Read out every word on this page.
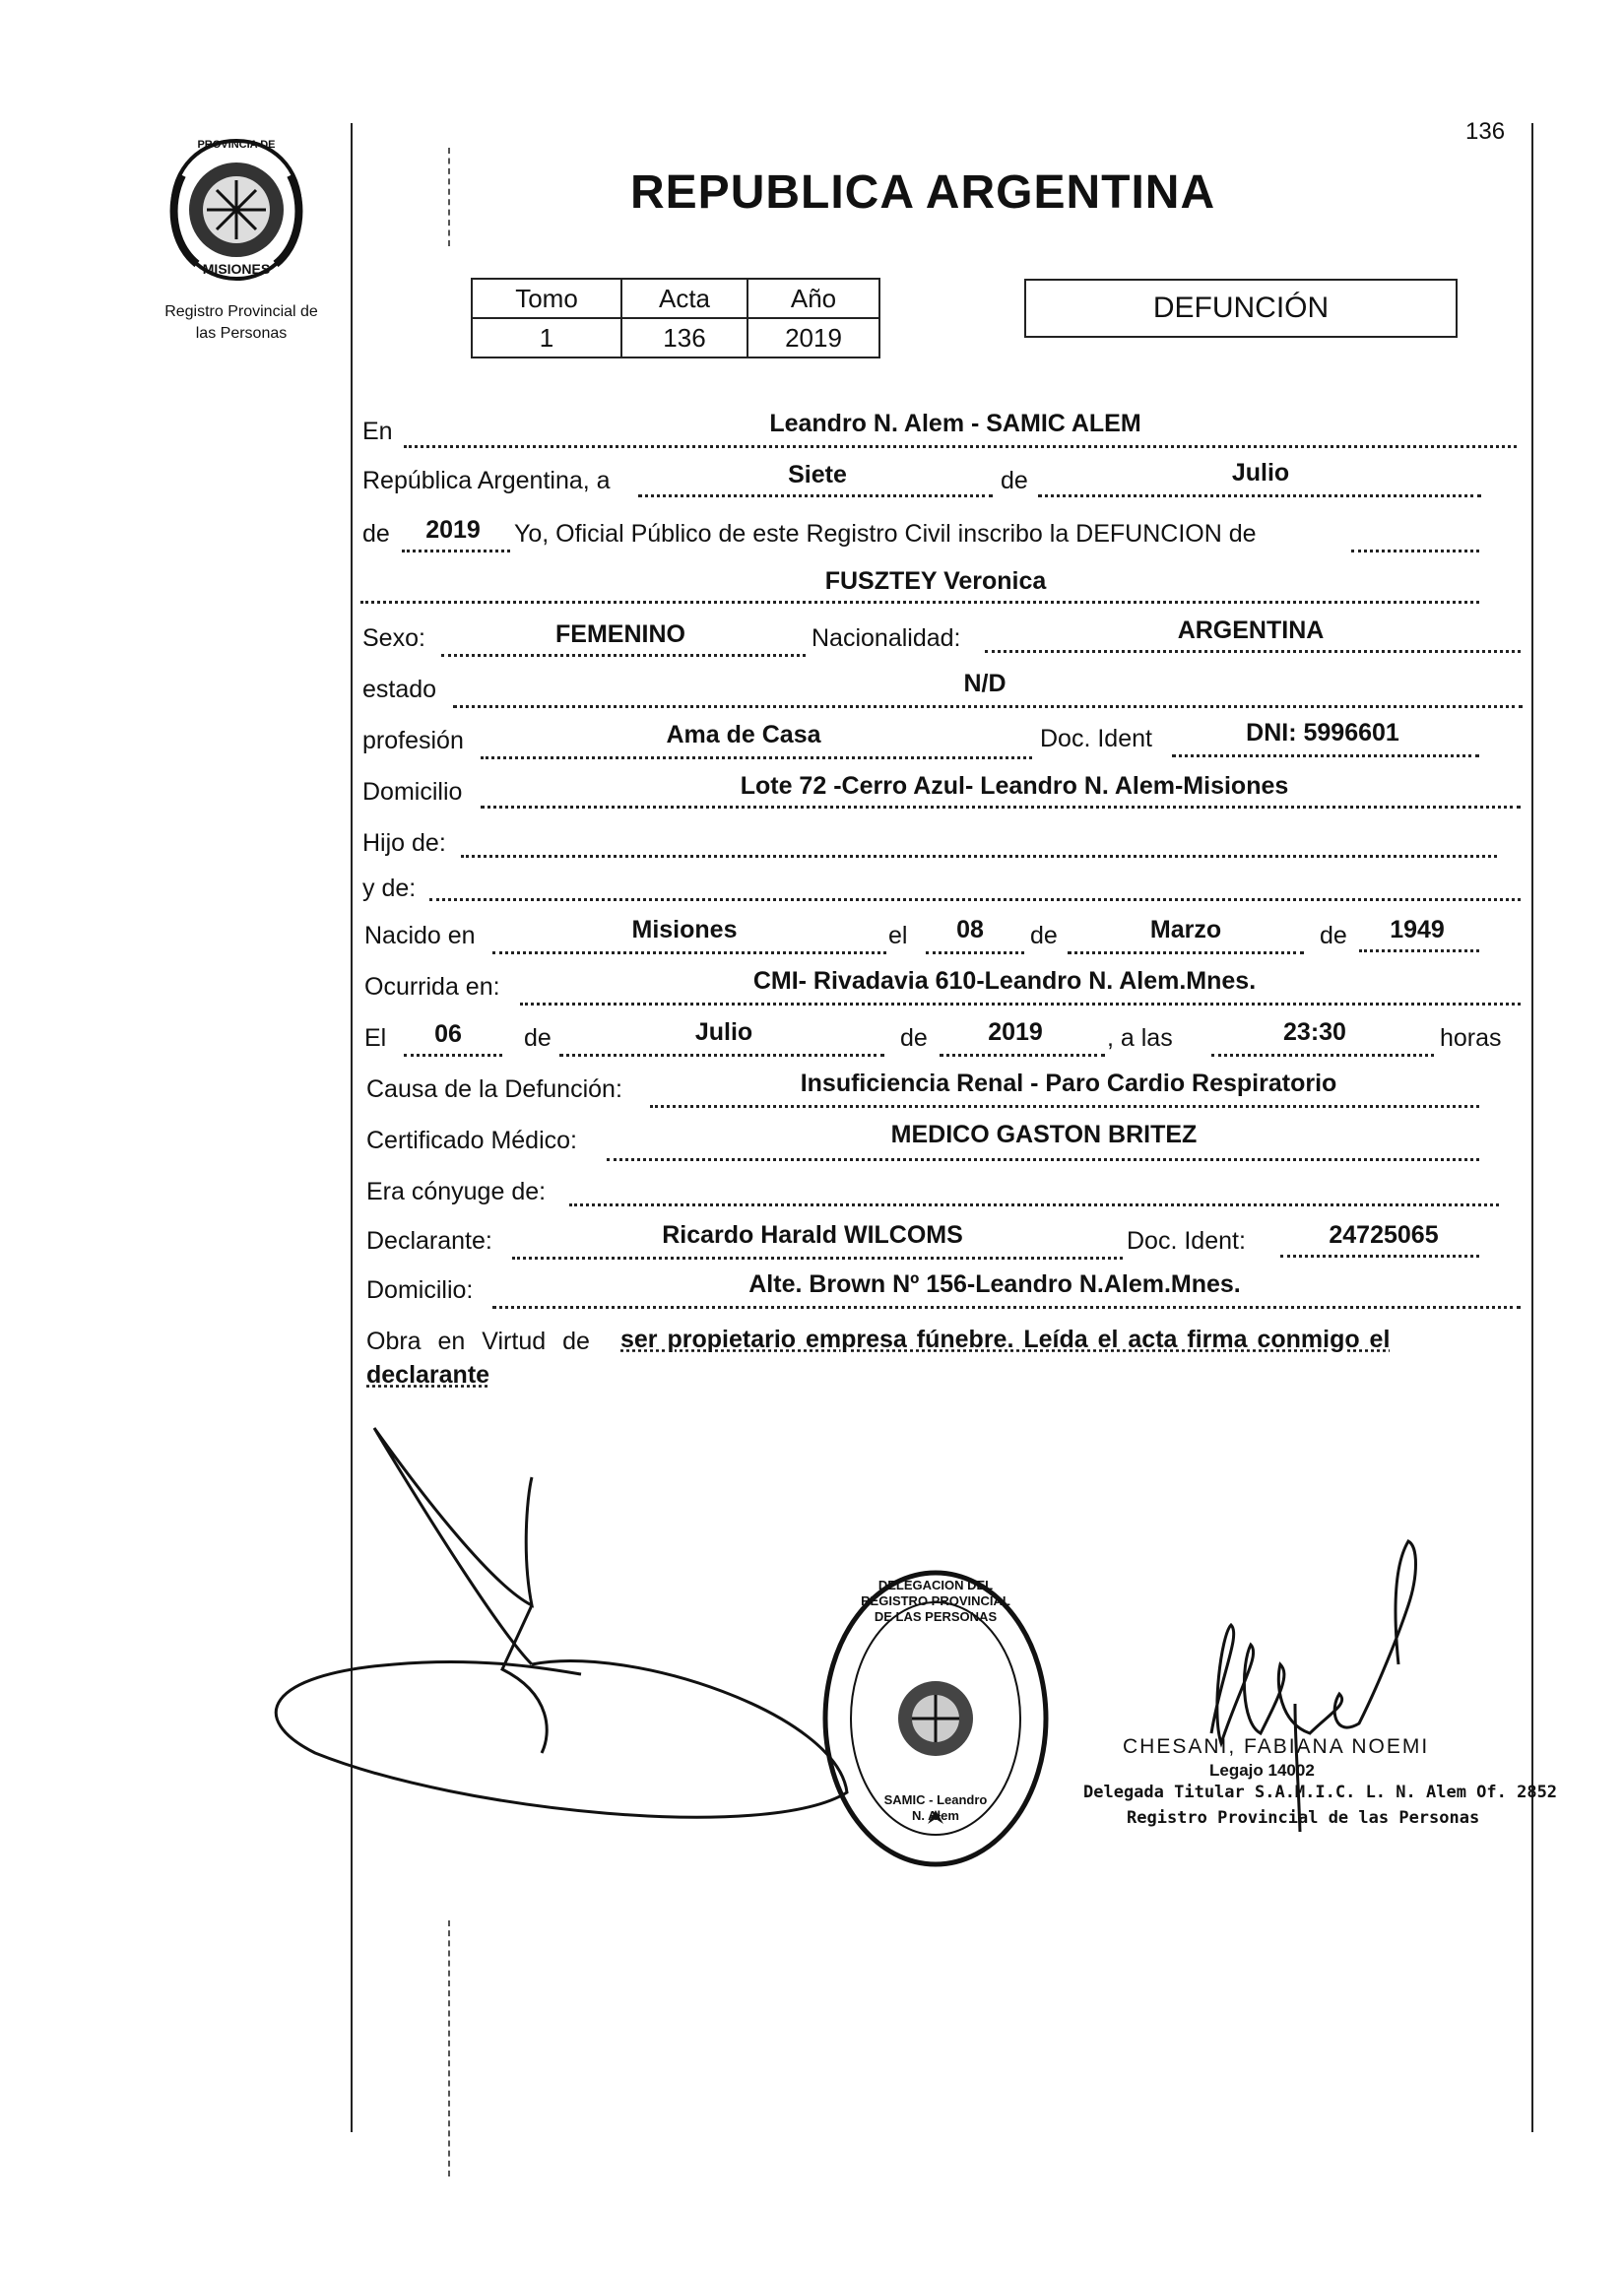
PROVINCIA DE
MISIONES
Registro Provincial de
las Personas
136
REPUBLICA ARGENTINA
Tomo	Acta	Año
1	136	2019
DEFUNCIÓN
En	Leandro N. Alem - SAMIC ALEM
República Argentina, a	Siete	de	Julio
de	2019	Yo, Oficial Público de este Registro Civil inscribo la DEFUNCION de
FUSZTEY Veronica
Sexo:	FEMENINO	Nacionalidad:	ARGENTINA
estado	N/D
profesión	Ama de Casa	Doc. Ident	DNI: 5996601
Domicilio	Lote 72 -Cerro Azul- Leandro N. Alem-Misiones
Hijo de:
y de:
Nacido en	Misiones	el	08	de	Marzo	de	1949
Ocurrida en:	CMI- Rivadavia 610-Leandro N. Alem.Mnes.
El	06	de	Julio	de	2019	, a las	23:30	horas
Causa de la Defunción:	Insuficiencia Renal - Paro Cardio Respiratorio
Certificado Médico:	MEDICO GASTON BRITEZ
Era cónyuge de:
Declarante:	Ricardo Harald WILCOMS	Doc. Ident:	24725065
Domicilio:	Alte. Brown Nº 156-Leandro N.Alem.Mnes.
Obra en Virtud de ser propietario empresa fúnebre. Leída el acta firma conmigo el
declarante
DELEGACION DEL REGISTRO PROVINCIAL DE LAS PERSONAS
SAMIC - Leandro N. Alem
CHESANI, FABIANA NOEMI
Legajo 14002
Delegada Titular S.A.M.I.C. L. N. Alem Of. 2852
Registro Provincial de las Personas
